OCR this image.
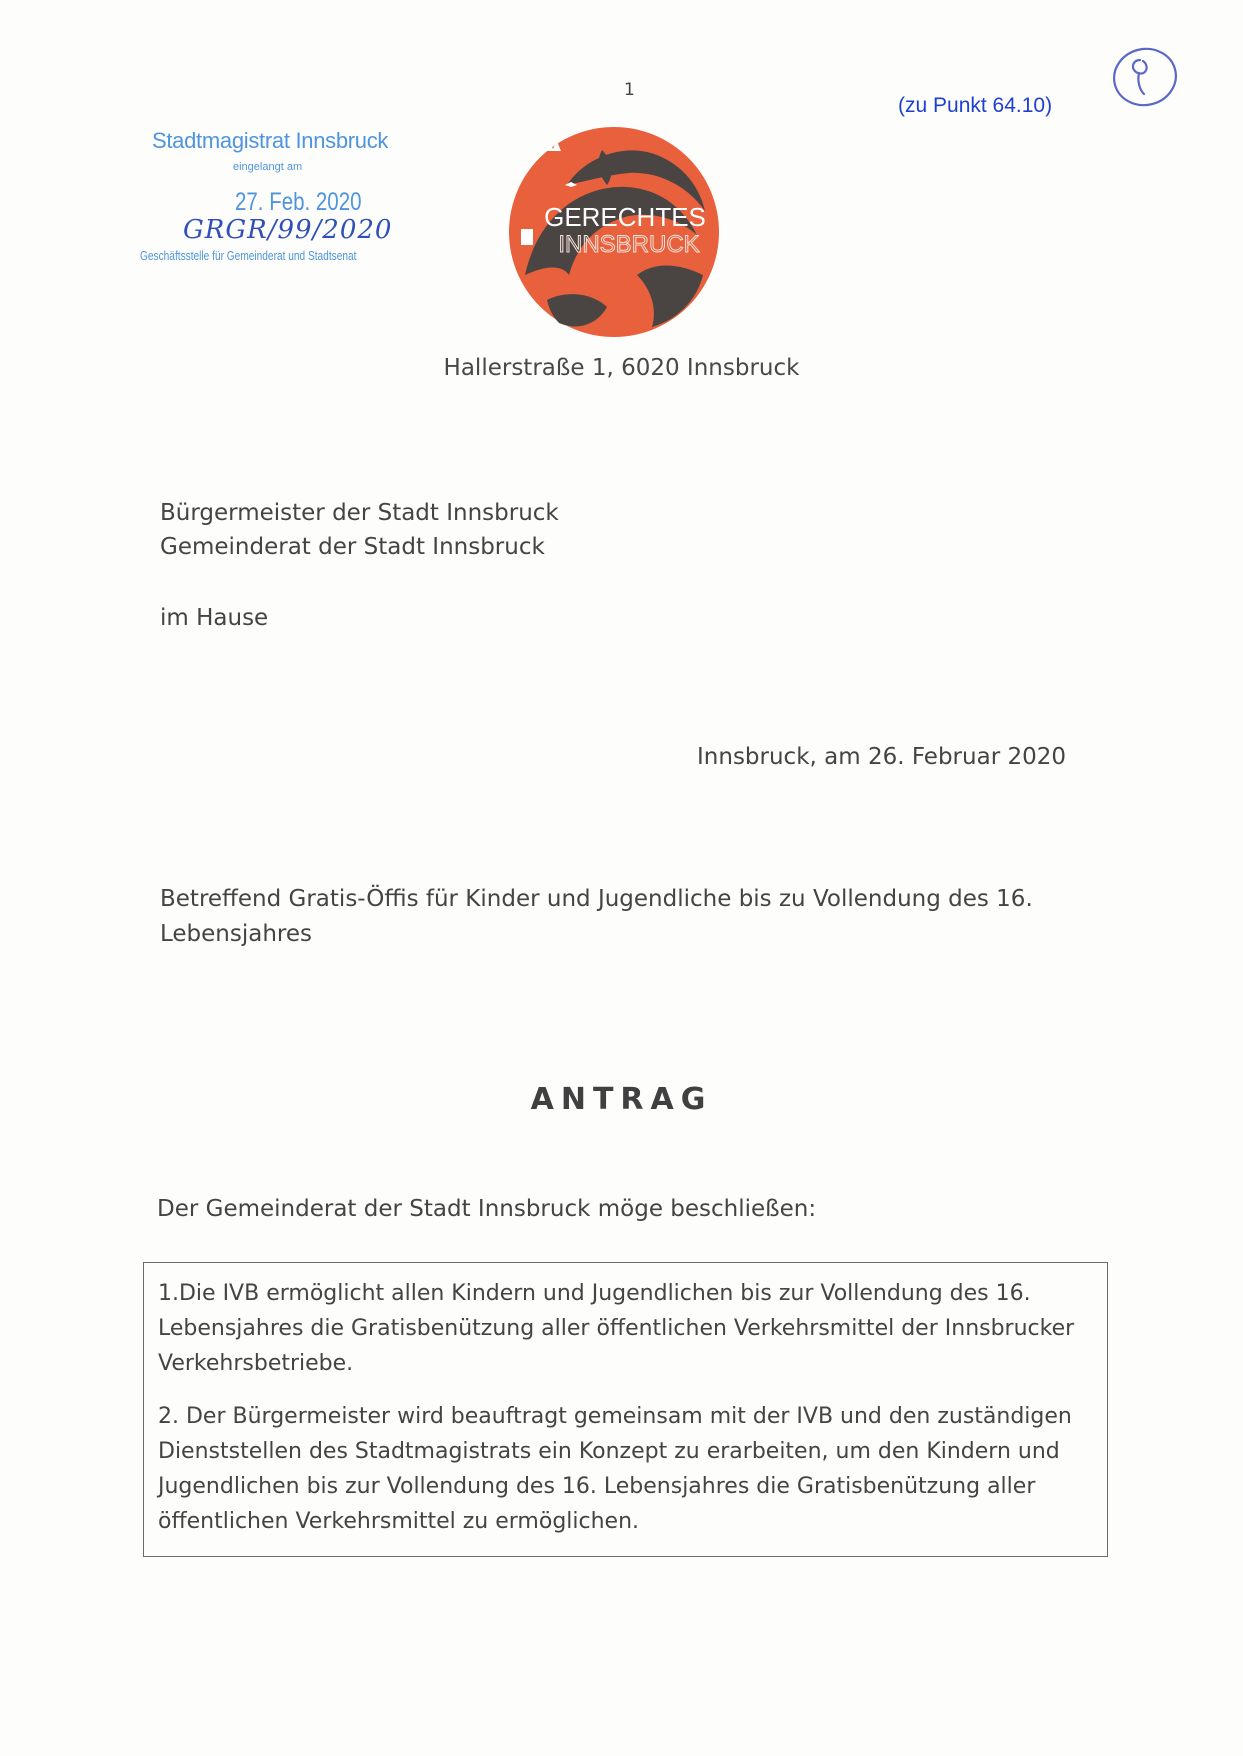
1
(zu Punkt 64.10)
Stadtmagistrat Innsbruck
eingelangt am
27. Feb. 2020
GRGR/99/2020
Geschäftsstelle für Gemeinderat und Stadtsenat
GERECHTES
INNSBRUCK
Hallerstraße 1, 6020 Innsbruck
Bürgermeister der Stadt Innsbruck
Gemeinderat der Stadt Innsbruck
im Hause
Innsbruck, am 26. Februar 2020
Betreffend Gratis-Öffis für Kinder und Jugendliche bis zu Vollendung des 16. Lebensjahres
ANTRAG
Der Gemeinderat der Stadt Innsbruck möge beschließen:

1.Die IVB ermöglicht allen Kindern und Jugendlichen bis zur Vollendung des 16. Lebensjahres die Gratisbenützung aller öffentlichen Verkehrsmittel der Innsbrucker Verkehrsbetriebe.

2. Der Bürgermeister wird beauftragt gemeinsam mit der IVB und den zuständigen Dienststellen des Stadtmagistrats ein Konzept zu erarbeiten, um den Kindern und Jugendlichen bis zur Vollendung des 16. Lebensjahres die Gratisbenützung aller öffentlichen Verkehrsmittel zu ermöglichen.
